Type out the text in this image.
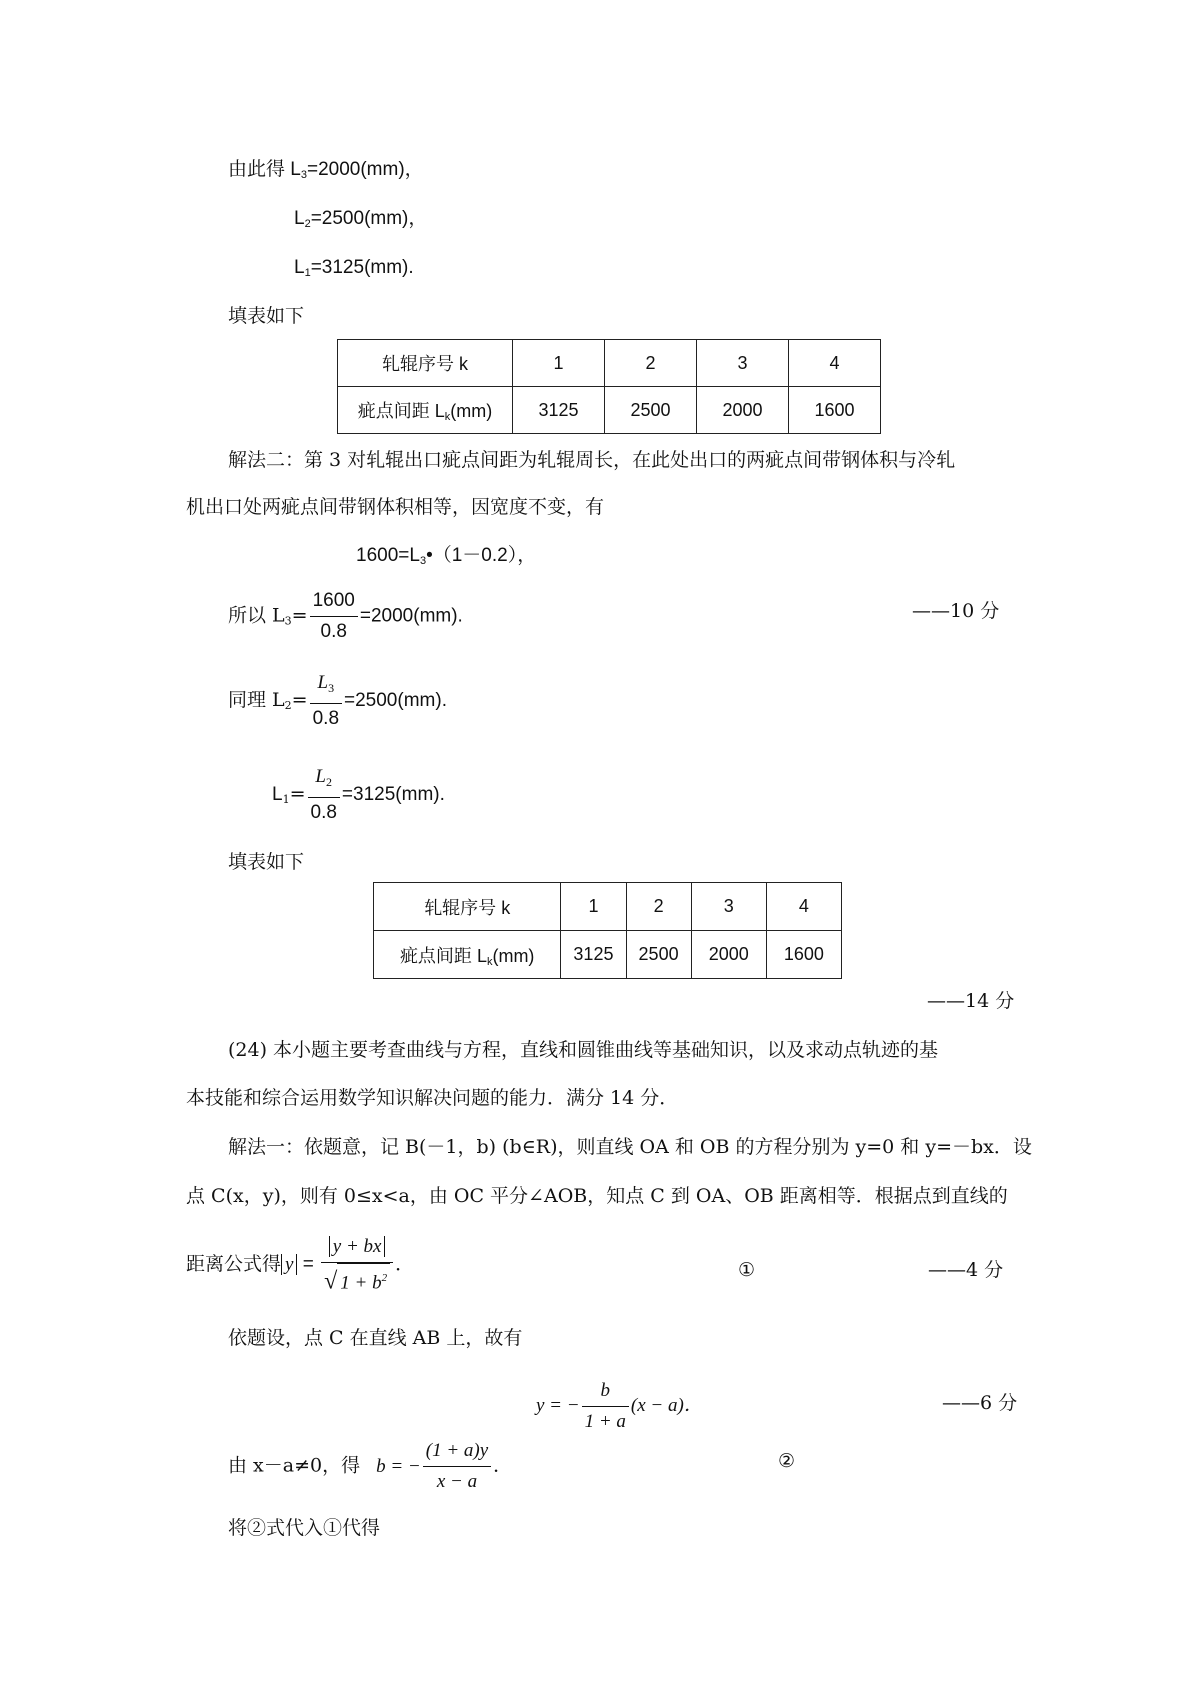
由此得 $L_3=2000(mm)$，
$L_2=2500(mm)$，
$L_1=3125(mm)$.
填表如下
轧辊序号 k	1	2	3	4
疵点间距 $L_k(mm)$	3125	2500	2000	1600
解法二：第 3 对轧辊出口疵点间距为轧辊周长，在此处出口的两疵点间带钢体积与冷轧
机出口处两疵点间带钢体积相等，因宽度不变，有
$1600=L_3•(1-0.2)$，
所以 $L_3= \frac{1600}{0.8} =2000(mm)$.	——10 分
同理 $L_2= \frac{L_3}{0.8} =2500(mm)$.
$L_1= \frac{L_2}{0.8} =3125(mm)$.
填表如下
轧辊序号 k	1	2	3	4
疵点间距 $L_k(mm)$	3125	2500	2000	1600
——14 分
(24) 本小题主要考查曲线与方程，直线和圆锥曲线等基础知识，以及求动点轨迹的基
本技能和综合运用数学知识解决问题的能力．满分 14 分．
解法一：依题意，记 B(－1，b) (b∈R)，则直线 OA 和 OB 的方程分别为 y=0 和 y=－bx．设
点 C(x，y)，则有 0≤x<a，由 OC 平分∠AOB，知点 C 到 OA、OB 距离相等．根据点到直线的
距离公式得 $y = \frac{y + bx}{√ 1 + b^2}$ ．	①	——4 分
依题设，点 C 在直线 AB 上，故有
y = − $\frac{b}{1 + a} (x - a)$．	——6 分
由 x－a≠0，得 b = − $\frac{(1 + a)y}{x - a}$ ．	②
将②式代入①代得
